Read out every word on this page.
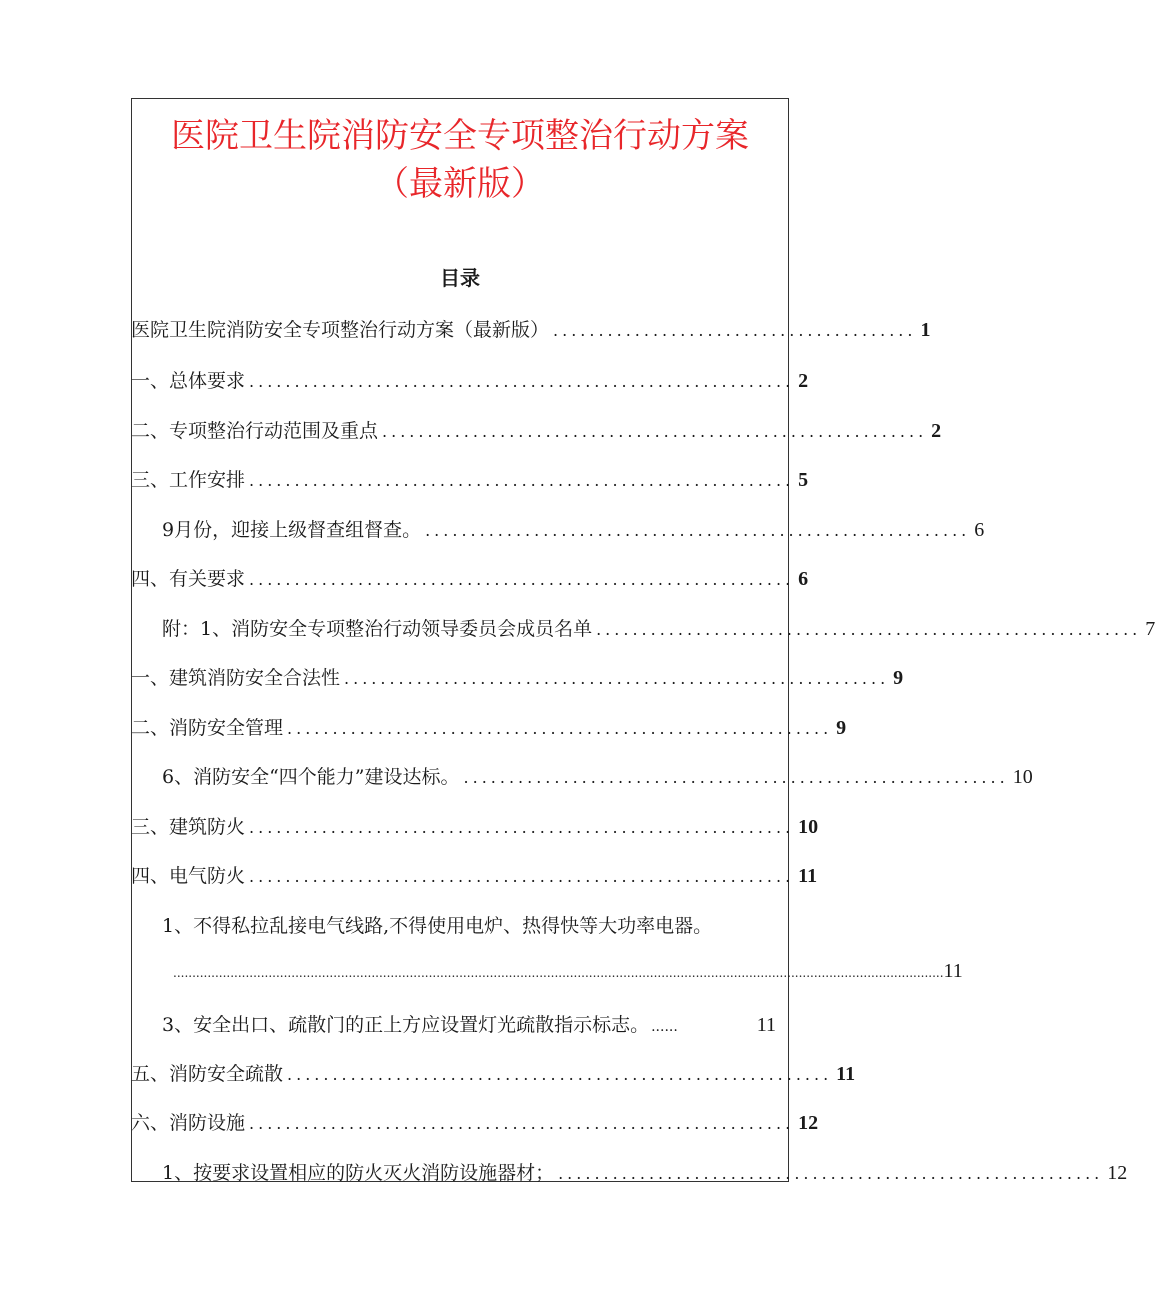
医院卫生院消防安全专项整治行动方案
（最新版）
目录
医院卫生院消防安全专项整治行动方案（最新版） ........................................ 1
一、总体要求 ............................................................ 2
二、专项整治行动范围及重点 ............................................................ 2
三、工作安排 ............................................................ 5
9月份，迎接上级督查组督查。 ............................................................ 6
四、有关要求 ............................................................ 6
附：1、消防安全专项整治行动领导委员会成员名单 ............................................................ 7
一、建筑消防安全合法性 ............................................................ 9
二、消防安全管理 ............................................................ 9
6、消防安全“四个能力”建设达标。 ............................................................ 10
三、建筑防火 ............................................................ 10
四、电气防火 ............................................................ 11
1、不得私拉乱接电气线路,不得使用电炉、热得快等大功率电器。
.......................................................................................................................................................................................................... 11
3、安全出口、疏散门的正上方应设置灯光疏散指示标志。 ......	11
五、消防安全疏散 ............................................................ 11
六、消防设施 ............................................................ 12
1、按要求设置相应的防火灭火消防设施器材； ............................................................ 12
